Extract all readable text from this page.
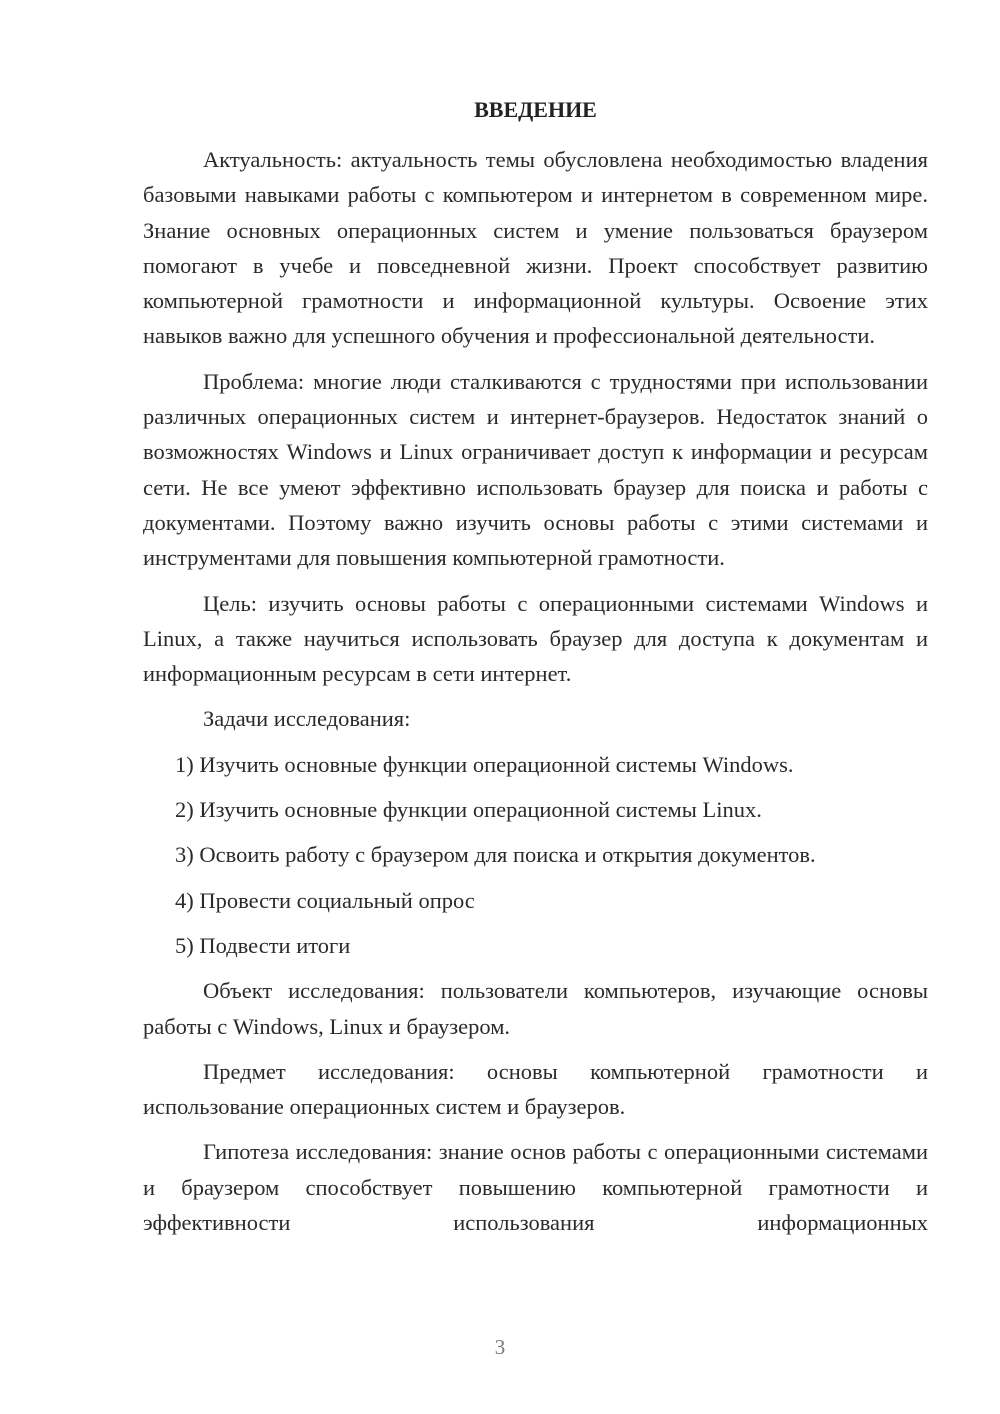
ВВЕДЕНИЕ

Актуальность: актуальность темы обусловлена необходимостью владения базовыми навыками работы с компьютером и интернетом в современном мире. Знание основных операционных систем и умение пользоваться браузером помогают в учебе и повседневной жизни. Проект способствует развитию компьютерной грамотности и информационной культуры. Освоение этих навыков важно для успешного обучения и профессиональной деятельности.

Проблема: многие люди сталкиваются с трудностями при использовании различных операционных систем и интернет-браузеров. Недостаток знаний о возможностях Windows и Linux ограничивает доступ к информации и ресурсам сети. Не все умеют эффективно использовать браузер для поиска и работы с документами. Поэтому важно изучить основы работы с этими системами и инструментами для повышения компьютерной грамотности.

Цель: изучить основы работы с операционными системами Windows и Linux, а также научиться использовать браузер для доступа к документам и информационным ресурсам в сети интернет.

Задачи исследования:

1) Изучить основные функции операционной системы Windows.

2) Изучить основные функции операционной системы Linux.

3) Освоить работу с браузером для поиска и открытия документов.

4) Провести социальный опрос

5) Подвести итоги

Объект исследования: пользователи компьютеров, изучающие основы работы с Windows, Linux и браузером.

Предмет исследования: основы компьютерной грамотности и использование операционных систем и браузеров.

Гипотеза исследования: знание основ работы с операционными системами и браузером способствует повышению компьютерной грамотности и эффективности использования информационных

3
